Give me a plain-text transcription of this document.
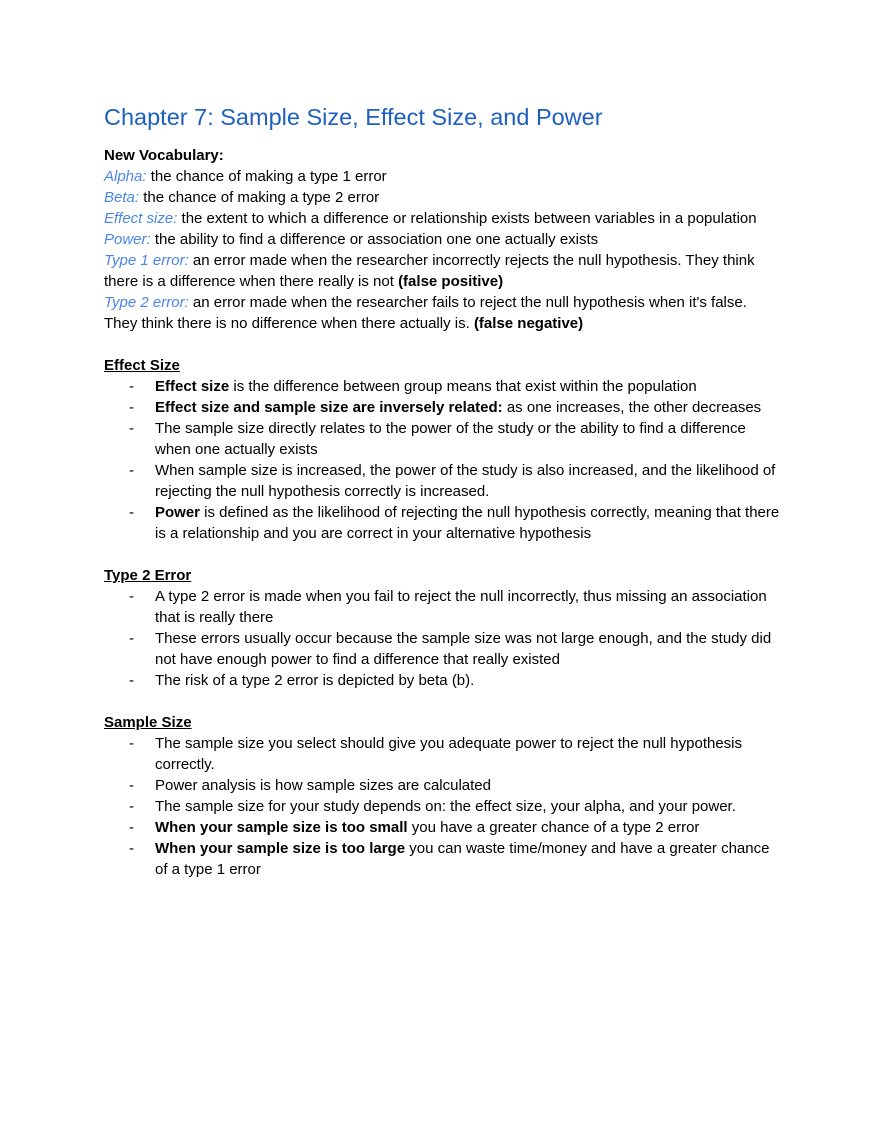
Chapter 7: Sample Size, Effect Size, and Power

New Vocabulary:

Alpha: the chance of making a type 1 error

Beta: the chance of making a type 2 error

Effect size: the extent to which a difference or relationship exists between variables in a population

Power: the ability to find a difference or association one one actually exists

Type 1 error: an error made when the researcher incorrectly rejects the null hypothesis. They think there is a difference when there really is not (false positive)

Type 2 error: an error made when the researcher fails to reject the null hypothesis when it's false. They think there is no difference when there actually is. (false negative)

Effect Size

- Effect size is the difference between group means that exist within the population
- Effect size and sample size are inversely related: as one increases, the other decreases
- The sample size directly relates to the power of the study or the ability to find a difference when one actually exists
- When sample size is increased, the power of the study is also increased, and the likelihood of rejecting the null hypothesis correctly is increased.
- Power is defined as the likelihood of rejecting the null hypothesis correctly, meaning that there is a relationship and you are correct in your alternative hypothesis

Type 2 Error

- A type 2 error is made when you fail to reject the null incorrectly, thus missing an association that is really there
- These errors usually occur because the sample size was not large enough, and the study did not have enough power to find a difference that really existed
- The risk of a type 2 error is depicted by beta (b).

Sample Size

- The sample size you select should give you adequate power to reject the null hypothesis correctly.
- Power analysis is how sample sizes are calculated
- The sample size for your study depends on: the effect size, your alpha, and your power.
- When your sample size is too small you have a greater chance of a type 2 error
- When your sample size is too large you can waste time/money and have a greater chance of a type 1 error
